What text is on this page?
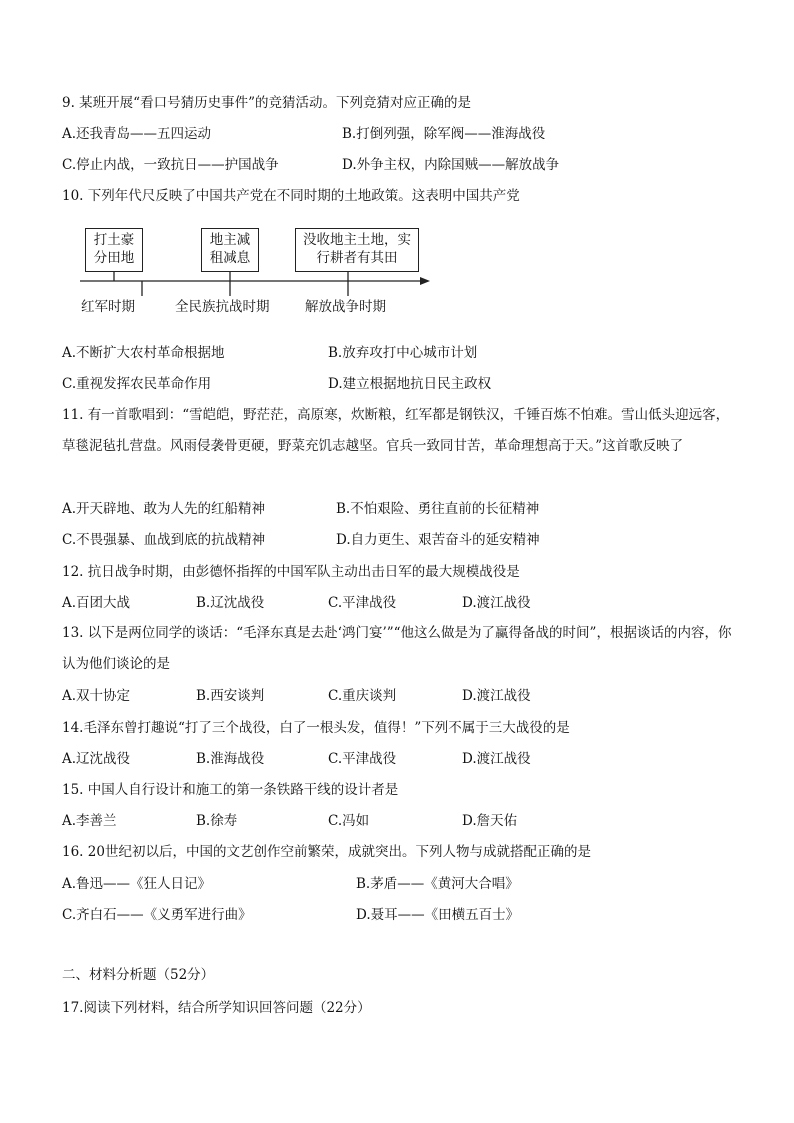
9. 某班开展“看口号猜历史事件”的竞猜活动。下列竞猜对应正确的是
A.还我青岛——五四运动	B.打倒列强，除军阀——淮海战役
C.停止内战，一致抗日——护国战争	D.外争主权，内除国贼——解放战争
10. 下列年代尺反映了中国共产党在不同时期的土地政策。这表明中国共产党
打土豪
分田地
地主减
租减息
没收地主土地，实
行耕者有其田
红军时期	全民族抗战时期	解放战争时期
A.不断扩大农村革命根据地	B.放弃攻打中心城市计划
C.重视发挥农民革命作用	D.建立根据地抗日民主政权
11. 有一首歌唱到：“雪皑皑，野茫茫，高原寒，炊断粮，红军都是钢铁汉，千锤百炼不怕难。雪山低头迎远客，草毯泥毡扎营盘。风雨侵袭骨更硬，野菜充饥志越坚。官兵一致同甘苦，革命理想高于天。”这首歌反映了
A.开天辟地、敢为人先的红船精神	B.不怕艰险、勇往直前的长征精神
C.不畏强暴、血战到底的抗战精神	D.自力更生、艰苦奋斗的延安精神
12. 抗日战争时期，由彭德怀指挥的中国军队主动出击日军的最大规模战役是
A.百团大战	B.辽沈战役	C.平津战役	D.渡江战役
13. 以下是两位同学的谈话：“毛泽东真是去赴‘鸿门宴’”“他这么做是为了赢得备战的时间”，根据谈话的内容，你认为他们谈论的是
A.双十协定	B.西安谈判	C.重庆谈判	D.渡江战役
14.毛泽东曾打趣说“打了三个战役，白了一根头发，值得！”下列不属于三大战役的是
A.辽沈战役	B.淮海战役	C.平津战役	D.渡江战役
15. 中国人自行设计和施工的第一条铁路干线的设计者是
A.李善兰	B.徐寿	C.冯如	D.詹天佑
16. 20世纪初以后，中国的文艺创作空前繁荣，成就突出。下列人物与成就搭配正确的是
A.鲁迅——《狂人日记》	B.茅盾——《黄河大合唱》
C.齐白石——《义勇军进行曲》	D.聂耳——《田横五百士》
二、材料分析题（52分）
17.阅读下列材料，结合所学知识回答问题（22分）
